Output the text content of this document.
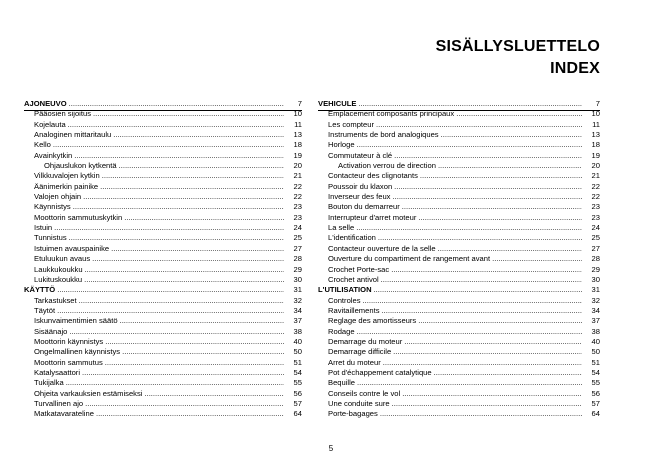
SISÄLLYSLUETTELO
INDEX
AJONEUVO .....	7
Pääosien sijoitus .....	10
Kojelauta .....	11
Analoginen mittaritaulu .....	13
Kello .....	18
Avainkytkin .....	19
Ohjauslukon kytkentä .....	20
Vilkkuvalojen kytkin .....	21
Äänimerkin painike .....	22
Valojen ohjain .....	22
Käynnistys .....	23
Moottorin sammutuskytkin .....	23
Istuin .....	24
Tunnistus .....	25
Istuimen avauspainike .....	27
Etuluukun avaus .....	28
Laukkukoukku .....	29
Lukituskoukku .....	30
KÄYTTÖ .....	31
Tarkastukset .....	32
Täytöt .....	34
Iskunvaimentimien säätö .....	37
Sisäänajo .....	38
Moottorin käynnistys .....	40
Ongelmallinen käynnistys .....	50
Moottorin sammutus .....	51
Katalysaattori .....	54
Tukijalka .....	55
Ohjeita varkauksien estämiseksi .....	56
Turvallinen ajo .....	57
Matkatavarateline .....	64
VEHICULE .....	7
Emplacement composants principaux .....	10
Les compteur .....	11
Instruments de bord analogiques .....	13
Horloge .....	18
Commutateur à clé .....	19
Activation verrou de direction .....	20
Contacteur des clignotants .....	21
Poussoir du klaxon .....	22
Inverseur des feux .....	22
Bouton du demarreur .....	23
Interrupteur d'arret moteur .....	23
La selle .....	24
L'identification .....	25
Contacteur ouverture de la selle .....	27
Ouverture du compartiment de rangement avant .....	28
Crochet Porte-sac .....	29
Crochet antivol .....	30
L'UTILISATION .....	31
Controles .....	32
Ravitaillements .....	34
Reglage des amortisseurs .....	37
Rodage .....	38
Demarrage du moteur .....	40
Demarrage difficile .....	50
Arret du moteur .....	51
Pot d'échappement catalytique .....	54
Bequille .....	55
Conseils contre le vol .....	56
Une conduite sure .....	57
Porte-bagages .....	64
5
